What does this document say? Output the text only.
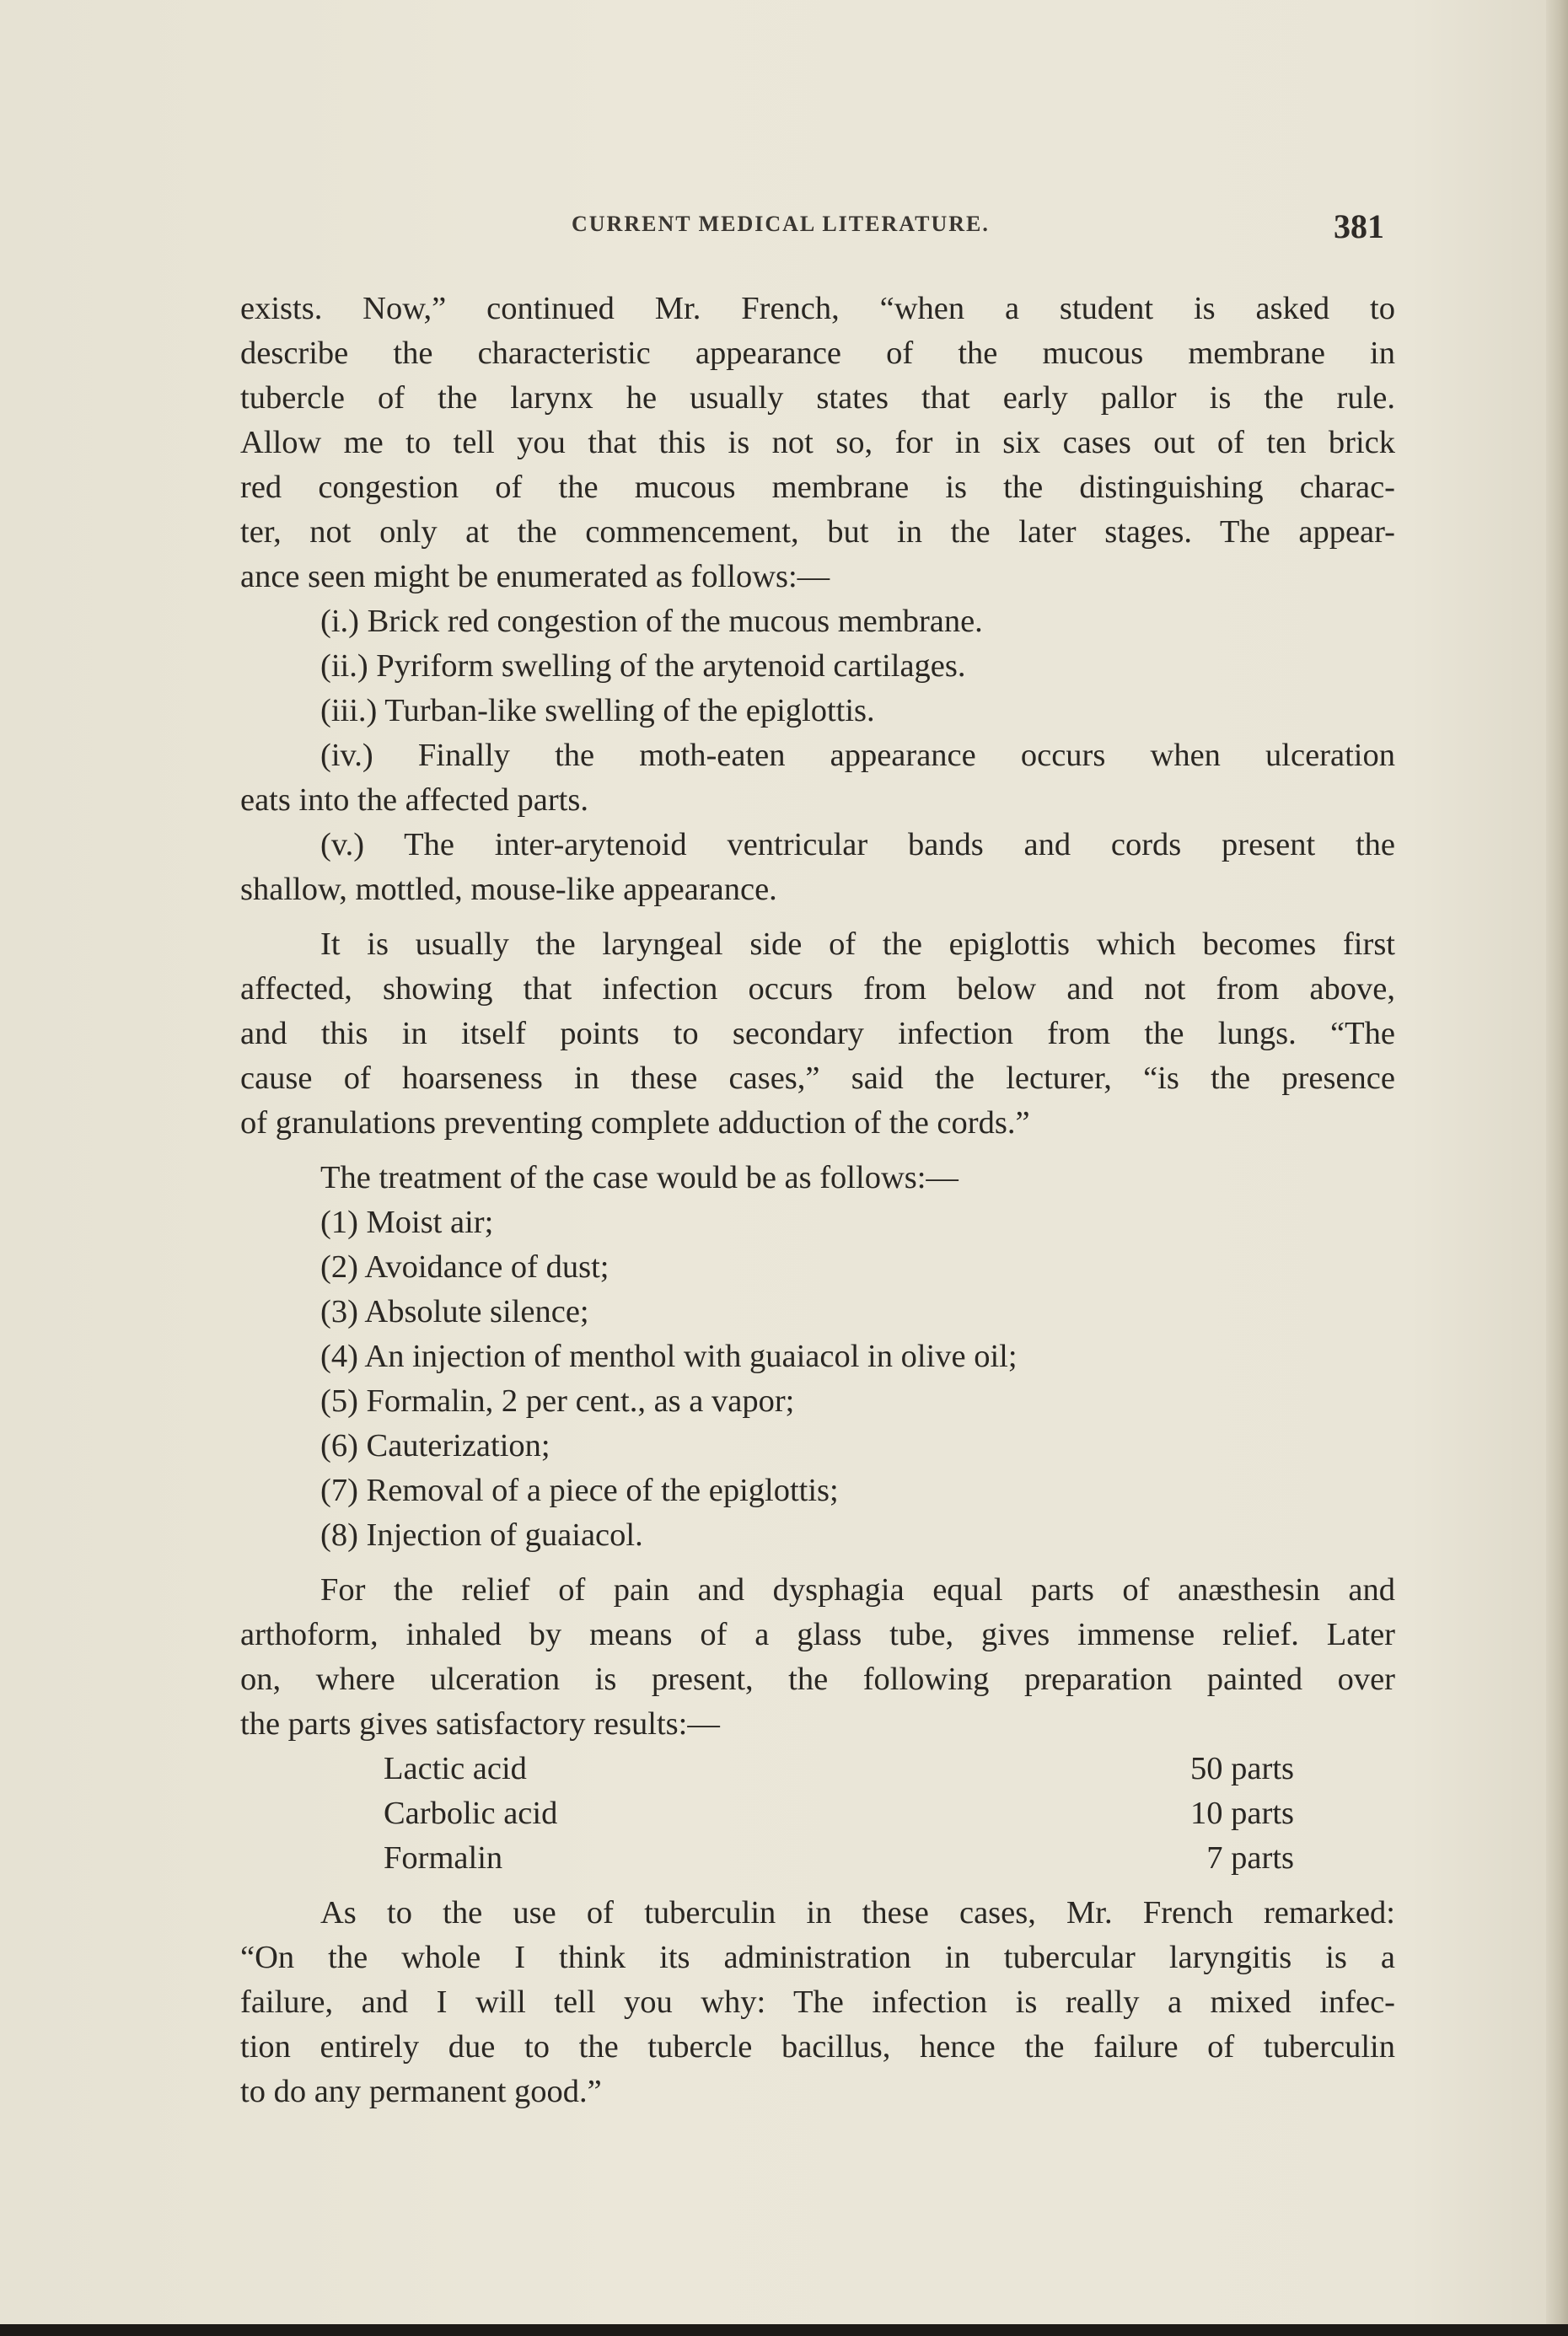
CURRENT MEDICAL LITERATURE.	381
exists. Now,” continued Mr. French, “when a student is asked to
describe the characteristic appearance of the mucous membrane in
tubercle of the larynx he usually states that early pallor is the rule.
Allow me to tell you that this is not so, for in six cases out of ten brick
red congestion of the mucous membrane is the distinguishing charac-
ter, not only at the commencement, but in the later stages. The appear-
ance seen might be enumerated as follows:—
(i.) Brick red congestion of the mucous membrane.
(ii.) Pyriform swelling of the arytenoid cartilages.
(iii.) Turban-like swelling of the epiglottis.
(iv.) Finally the moth-eaten appearance occurs when ulceration
eats into the affected parts.
(v.) The inter-arytenoid ventricular bands and cords present the
shallow, mottled, mouse-like appearance.
It is usually the laryngeal side of the epiglottis which becomes first
affected, showing that infection occurs from below and not from above,
and this in itself points to secondary infection from the lungs. “The
cause of hoarseness in these cases,” said the lecturer, “is the presence
of granulations preventing complete adduction of the cords.”
The treatment of the case would be as follows:—
(1) Moist air;
(2) Avoidance of dust;
(3) Absolute silence;
(4) An injection of menthol with guaiacol in olive oil;
(5) Formalin, 2 per cent., as a vapor;
(6) Cauterization;
(7) Removal of a piece of the epiglottis;
(8) Injection of guaiacol.
For the relief of pain and dysphagia equal parts of anæsthesin and
arthoform, inhaled by means of a glass tube, gives immense relief. Later
on, where ulceration is present, the following preparation painted over
the parts gives satisfactory results:—
Lactic acid	50 parts
Carbolic acid	10 parts
Formalin	7 parts
As to the use of tuberculin in these cases, Mr. French remarked:
“On the whole I think its administration in tubercular laryngitis is a
failure, and I will tell you why: The infection is really a mixed infec-
tion entirely due to the tubercle bacillus, hence the failure of tuberculin
to do any permanent good.”
